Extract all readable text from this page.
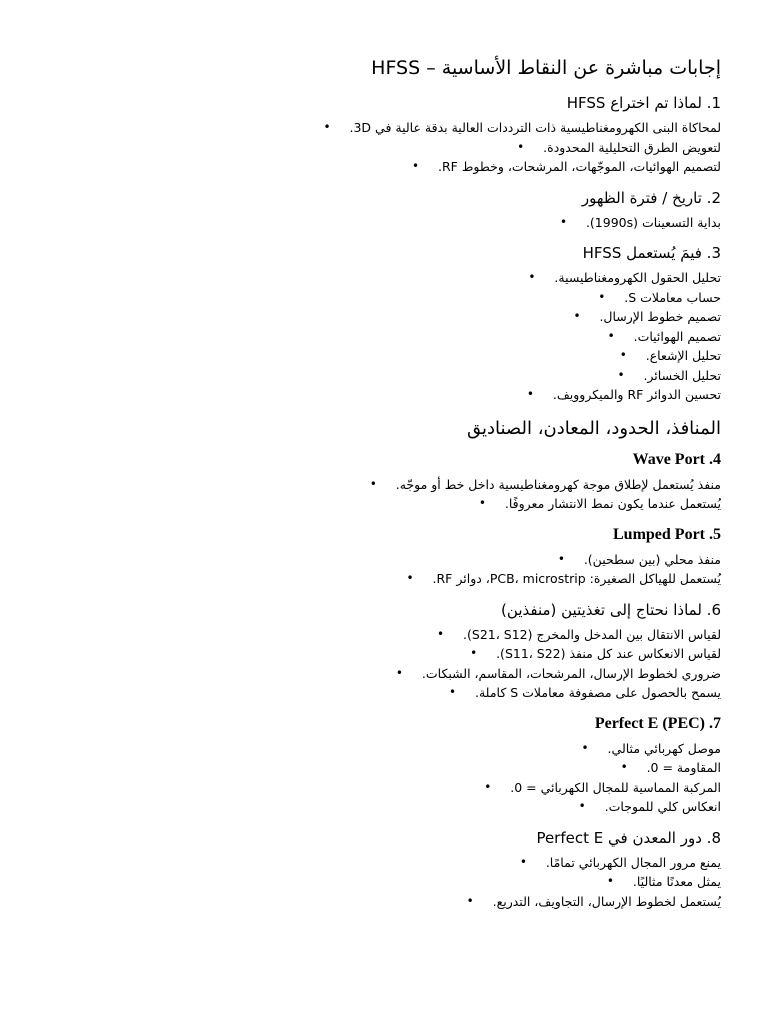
إجابات مباشرة عن النقاط الأساسية – HFSS
1. لماذا تم اختراع HFSS
لمحاكاة البنى الكهرومغناطيسية ذات الترددات العالية بدقة عالية في 3D.
•
لتعويض الطرق التحليلية المحدودة.
•
لتصميم الهوائيات، الموجّهات، المرشحات، وخطوط RF.
•
2. تاريخ / فترة الظهور
بداية التسعينات (1990s).
•
3. فيمَ يُستعمل HFSS
تحليل الحقول الكهرومغناطيسية.
•
حساب معاملات S.
•
تصميم خطوط الإرسال.
•
تصميم الهوائيات.
•
تحليل الإشعاع.
•
تحليل الخسائر.
•
تحسين الدوائر RF والميكروويف.
•
المنافذ، الحدود، المعادن، الصناديق
4. Wave Port
منفذ يُستعمل لإطلاق موجة كهرومغناطيسية داخل خط أو موجّه.
•
يُستعمل عندما يكون نمط الانتشار معروفًا.
•
5. Lumped Port
منفذ محلي (بين سطحين).
•
يُستعمل للهياكل الصغيرة: PCB، microstrip، دوائر RF.
•
6. لماذا نحتاج إلى تغذيتين (منفذين)
لقياس الانتقال بين المدخل والمخرج (S21، S12).
•
لقياس الانعكاس عند كل منفذ (S11، S22).
•
ضروري لخطوط الإرسال، المرشحات، المقاسم، الشبكات.
•
يسمح بالحصول على مصفوفة معاملات S كاملة.
•
7. Perfect E (PEC)
موصل كهربائي مثالي.
•
المقاومة = 0.
•
المركبة المماسية للمجال الكهربائي = 0.
•
انعكاس كلي للموجات.
•
8. دور المعدن في Perfect E
يمنع مرور المجال الكهربائي تمامًا.
•
يمثل معدنًا مثاليًا.
•
يُستعمل لخطوط الإرسال، التجاويف، التدريع.
•
